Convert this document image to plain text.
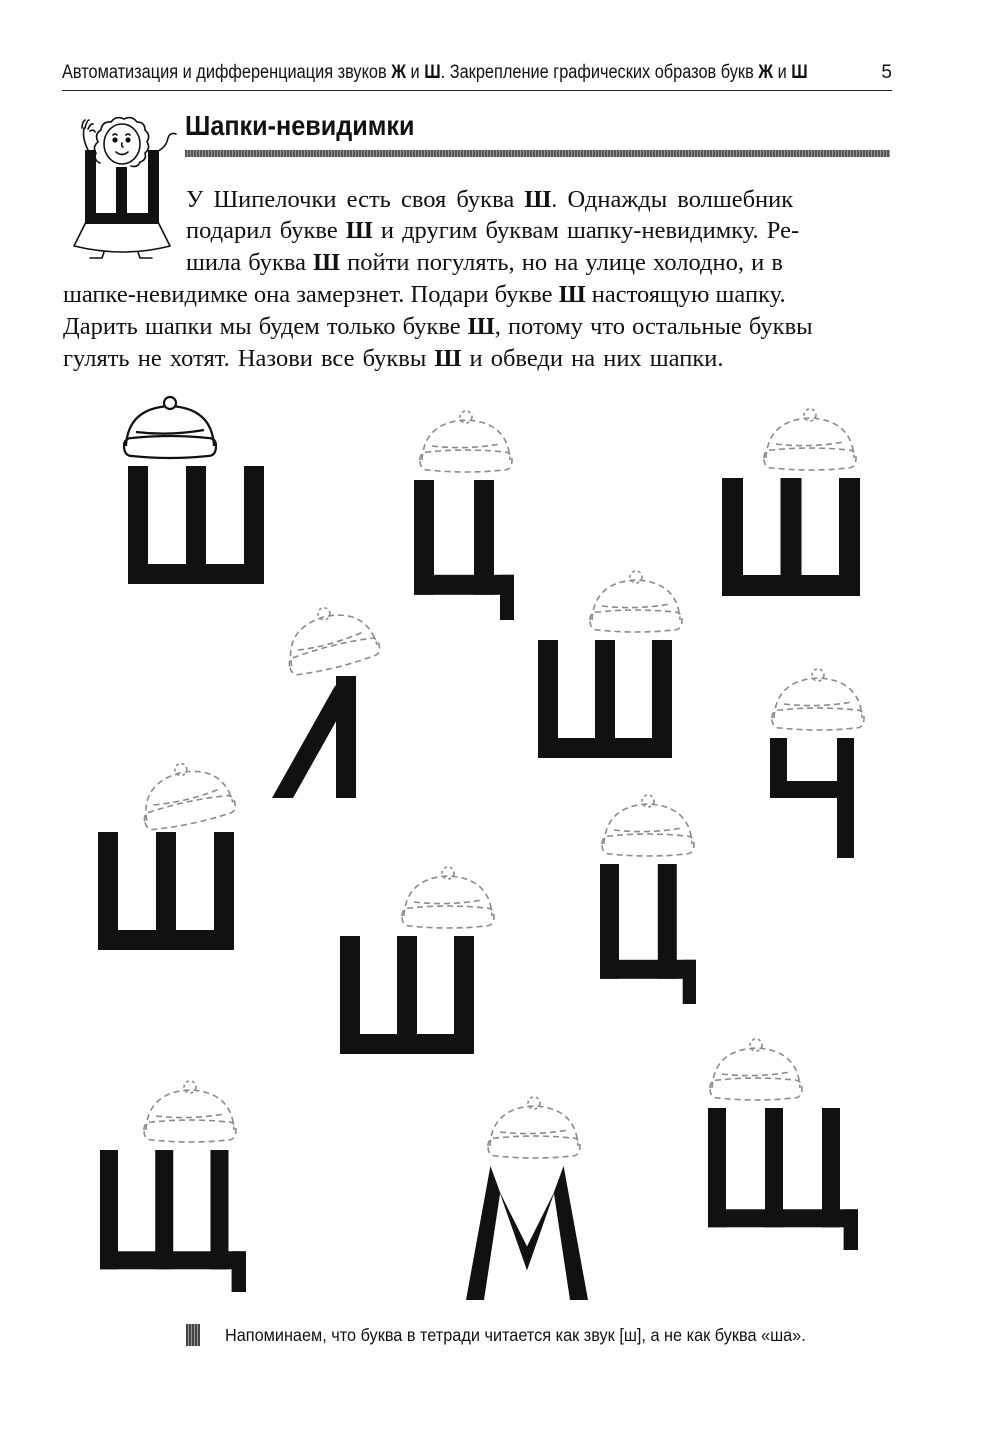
Автоматизация и дифференциация звуков Ж и Ш. Закрепление графических образов букв Ж и Ш	5
Шапки-невидимки
У Шипелочки есть своя буква Ш. Однажды волшебник
подарил букве Ш и другим буквам шапку-невидимку. Ре-
шила буква Ш пойти погулять, но на улице холодно, и в
шапке-невидимке она замерзнет. Подари букве Ш настоящую шапку.
Дарить шапки мы будем только букве Ш, потому что остальные буквы
гулять не хотят. Назови все буквы Ш и обведи на них шапки.
Напоминаем, что буква в тетради читается как звук [ш], а не как буква «ша».
